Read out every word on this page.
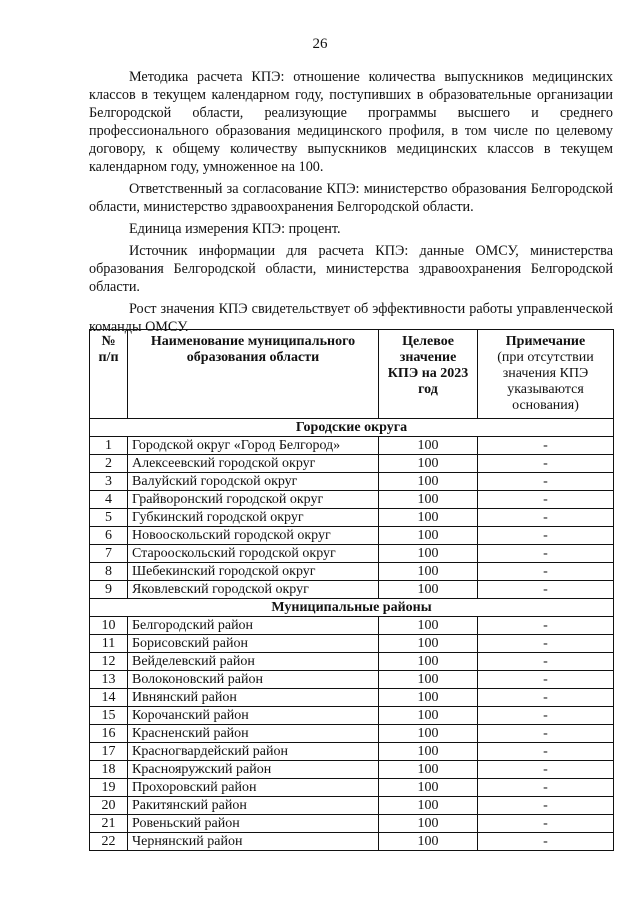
26

Методика расчета КПЭ: отношение количества выпускников медицинских классов в текущем календарном году, поступивших в образовательные организации Белгородской области, реализующие программы высшего и среднего профессионального образования медицинского профиля, в том числе по целевому договору, к общему количеству выпускников медицинских классов в текущем календарном году, умноженное на 100.

Ответственный за согласование КПЭ: министерство образования Белгородской области, министерство здравоохранения Белгородской области.

Единица измерения КПЭ: процент.

Источник информации для расчета КПЭ: данные ОМСУ, министерства образования Белгородской области, министерства здравоохранения Белгородской области.

Рост значения КПЭ свидетельствует об эффективности работы управленческой команды ОМСУ.

№ п/п	Наименование муниципального образования области	Целевое значение КПЭ на 2023 год	Примечание
(при отсутствии значения КПЭ указываются основания)

Городские округа			
1	Городской округ «Город Белгород»	100	-
2	Алексеевский городской округ	100	-
3	Валуйский городской округ	100	-
4	Грайворонский городской округ	100	-
5	Губкинский городской округ	100	-
6	Новооскольский городской округ	100	-
7	Старооскольский городской округ	100	-
8	Шебекинский городской округ	100	-
9	Яковлевский городской округ	100	-
Муниципальные районы			
10	Белгородский район	100	-
11	Борисовский район	100	-
12	Вейделевский район	100	-
13	Волоконовский район	100	-
14	Ивнянский район	100	-
15	Корочанский район	100	-
16	Красненский район	100	-
17	Красногвардейский район	100	-
18	Краснояружский район	100	-
19	Прохоровский район	100	-
20	Ракитянский район	100	-
21	Ровеньский район	100	-
22	Чернянский район	100	-
